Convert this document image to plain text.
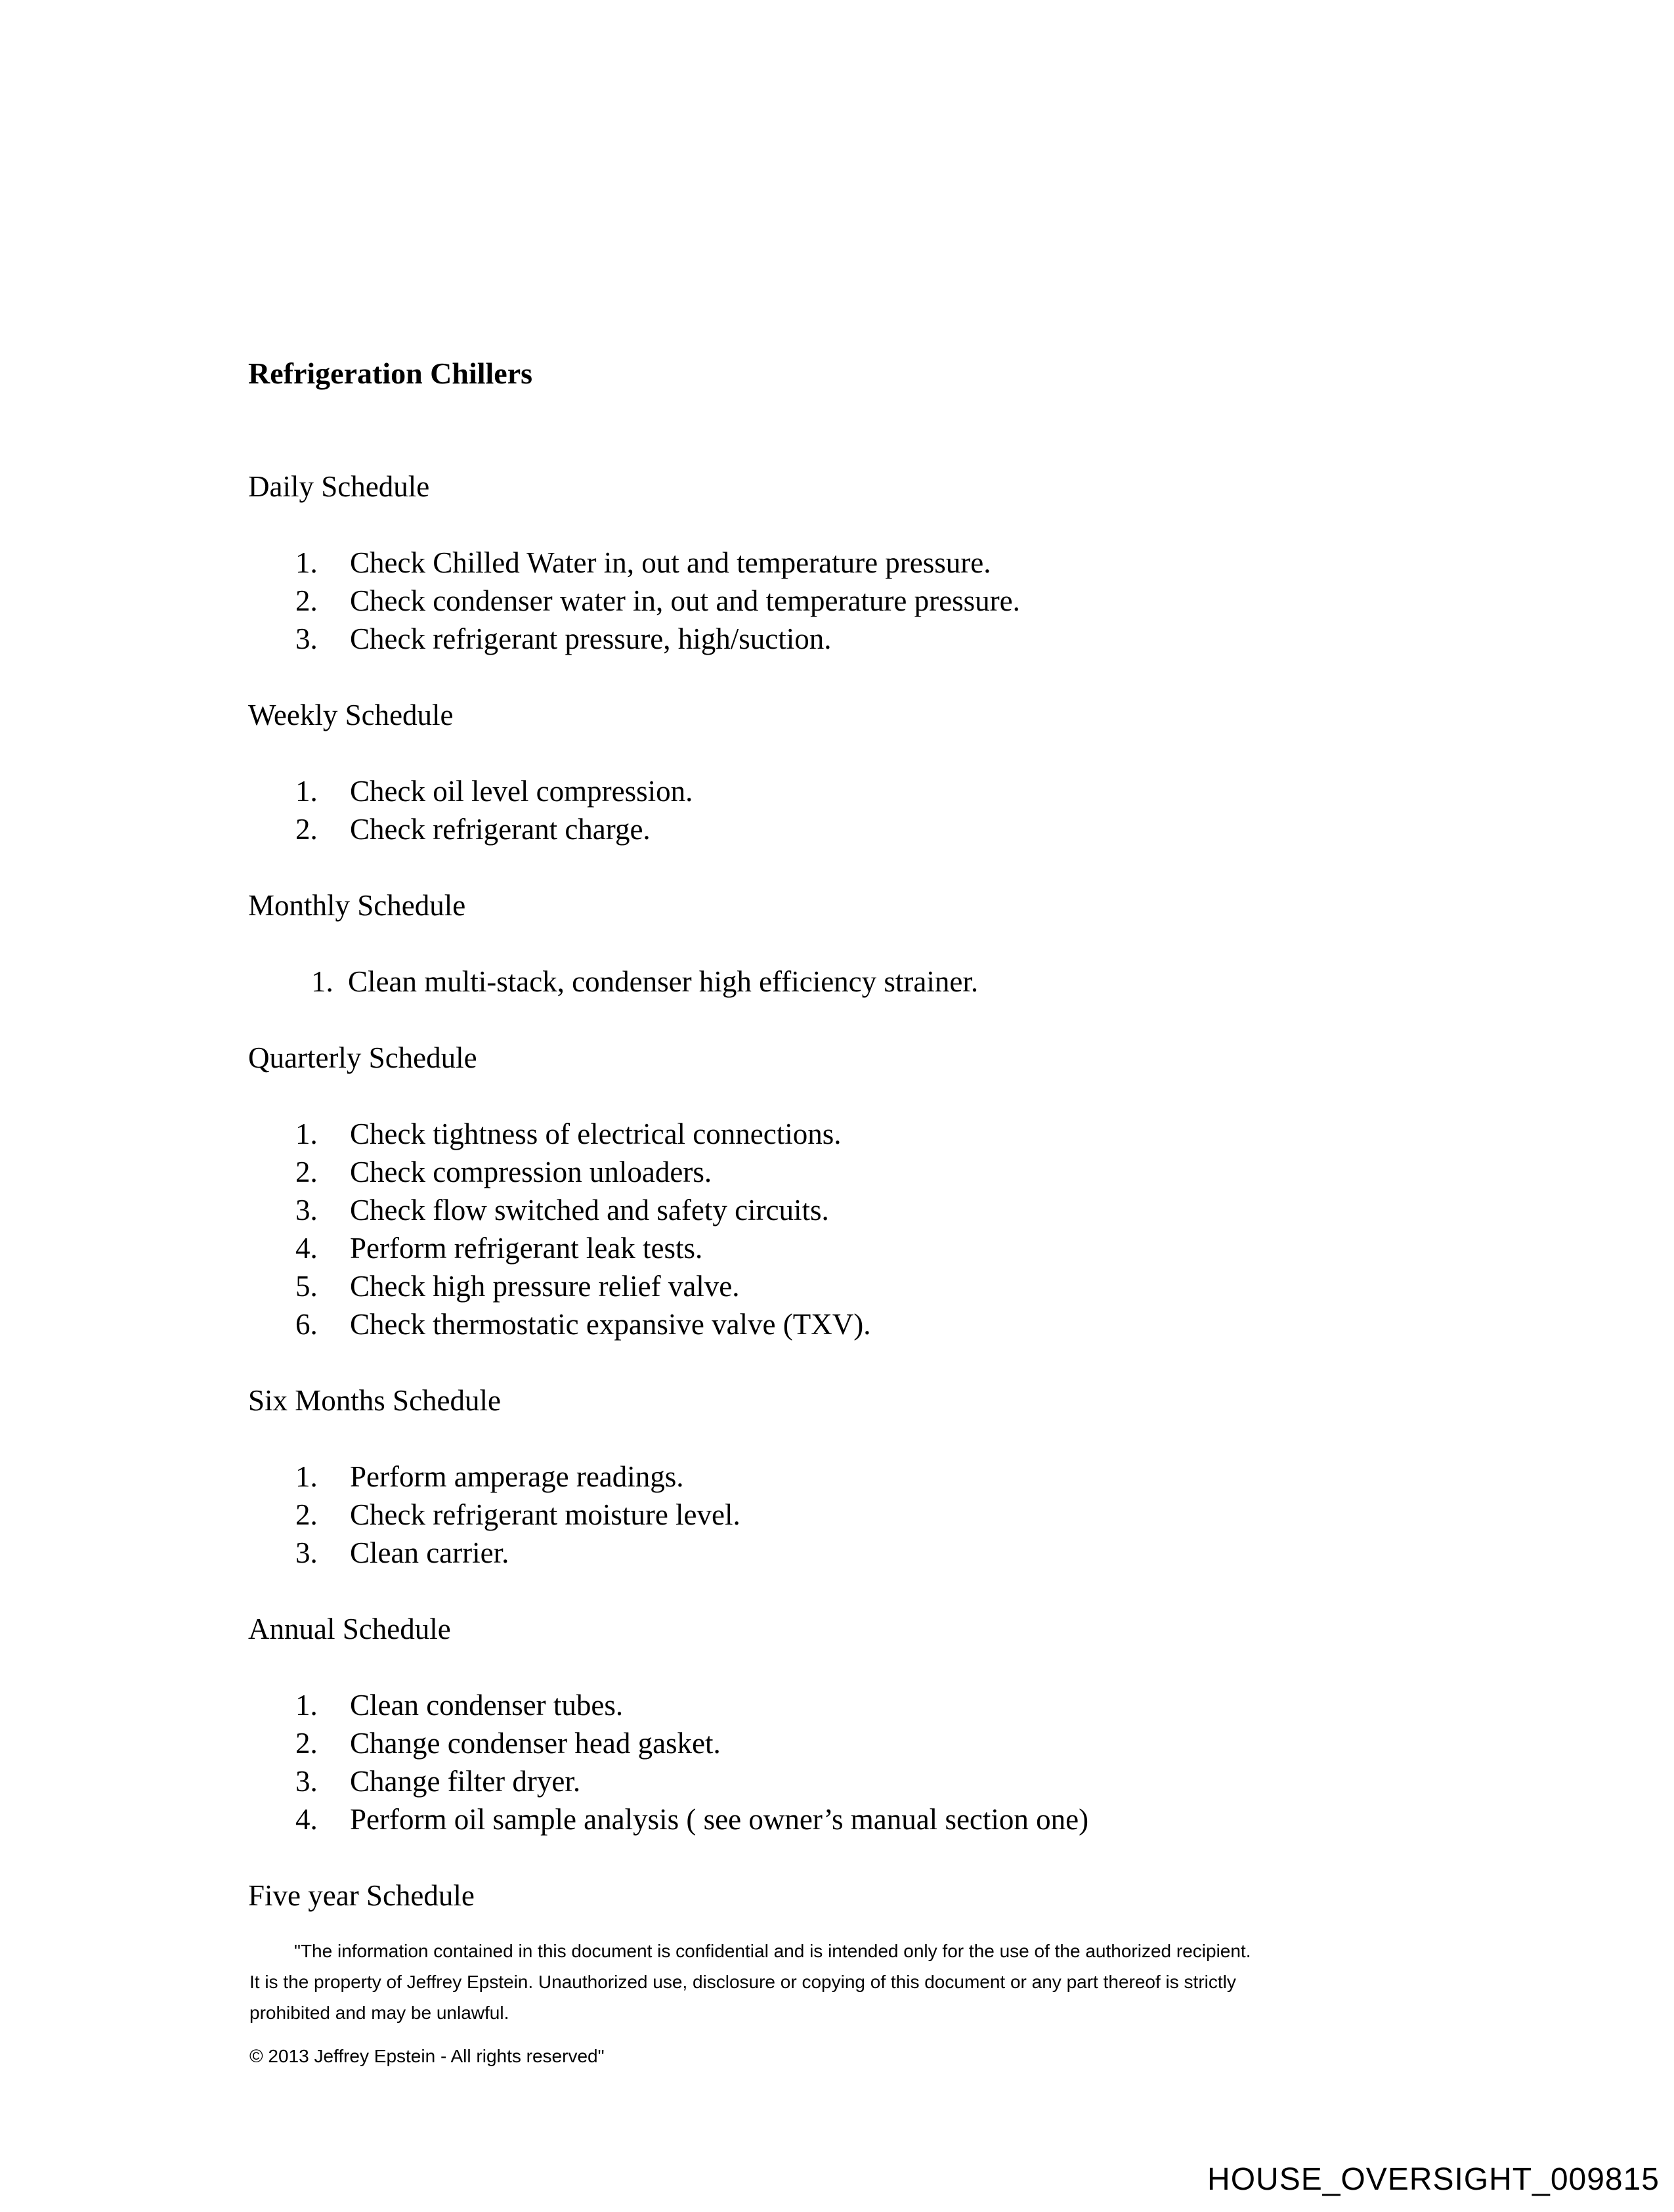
Refrigeration Chillers
Daily Schedule
1.	Check Chilled Water in, out and temperature pressure.
2.	Check condenser water in, out and temperature pressure.
3.	Check refrigerant pressure, high/suction.
Weekly Schedule
1.	Check oil level compression.
2.	Check refrigerant charge.
Monthly Schedule
1. Clean multi-stack, condenser high efficiency strainer.
Quarterly Schedule
1.	Check tightness of electrical connections.
2.	Check compression unloaders.
3.	Check flow switched and safety circuits.
4.	Perform refrigerant leak tests.
5.	Check high pressure relief valve.
6.	Check thermostatic expansive valve (TXV).
Six Months Schedule
1.	Perform amperage readings.
2.	Check refrigerant moisture level.
3.	Clean carrier.
Annual Schedule
1.	Clean condenser tubes.
2.	Change condenser head gasket.
3.	Change filter dryer.
4.	Perform oil sample analysis ( see owner’s manual section one)
Five year Schedule
"The information contained in this document is confidential and is intended only for the use of the authorized recipient.
It is the property of Jeffrey Epstein. Unauthorized use, disclosure or copying of this document or any part thereof is strictly
prohibited and may be unlawful.
© 2013 Jeffrey Epstein - All rights reserved"
HOUSE_OVERSIGHT_009815
